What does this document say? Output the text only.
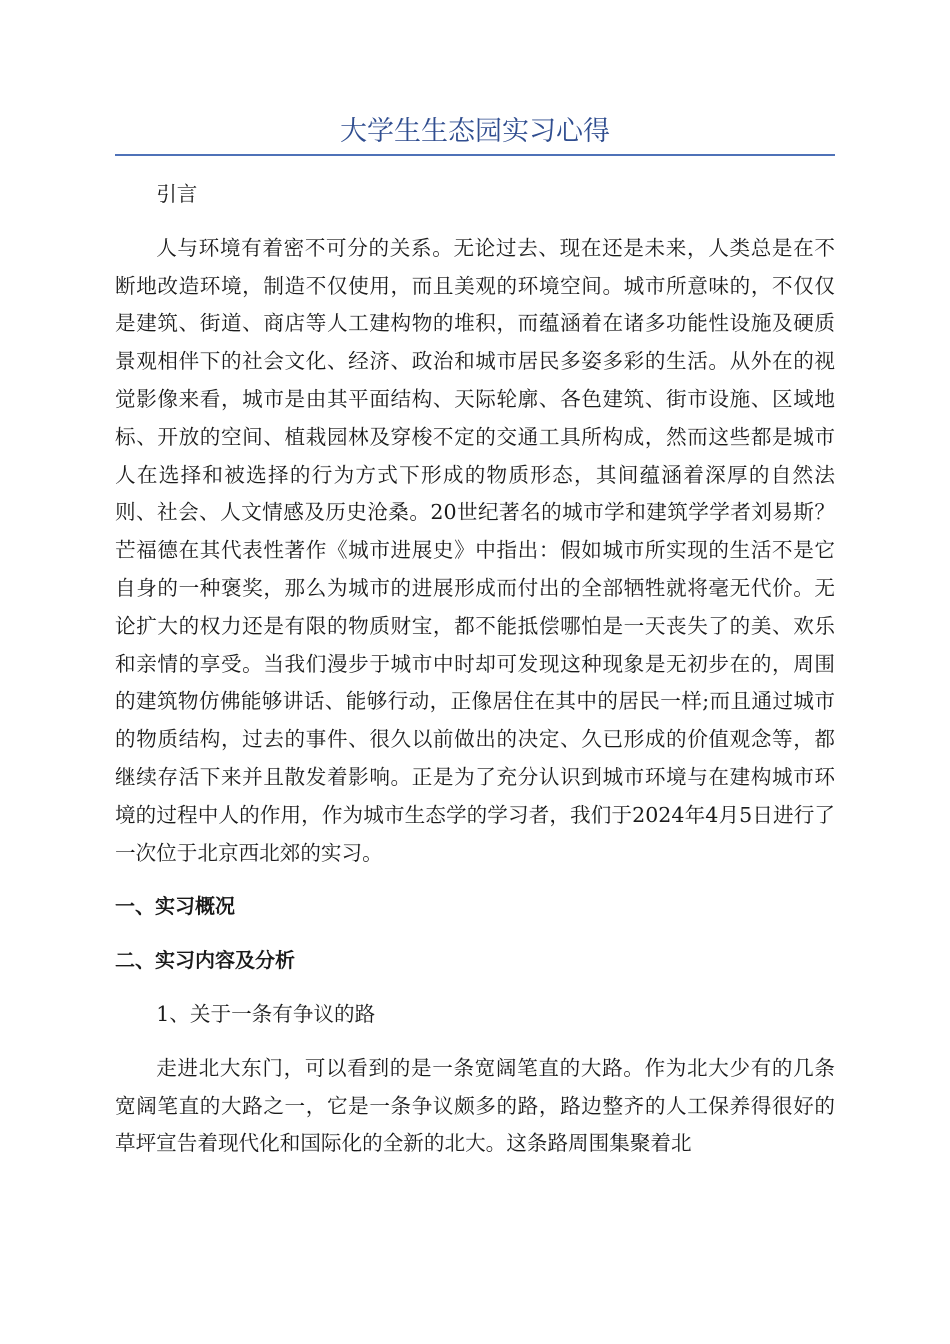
大学生生态园实习心得

引言

人与环境有着密不可分的关系。无论过去、现在还是未来，人类总是在不断地改造环境，制造不仅使用，而且美观的环境空间。城市所意味的，不仅仅是建筑、街道、商店等人工建构物的堆积，而蕴涵着在诸多功能性设施及硬质景观相伴下的社会文化、经济、政治和城市居民多姿多彩的生活。从外在的视觉影像来看，城市是由其平面结构、天际轮廓、各色建筑、街市设施、区域地标、开放的空间、植栽园林及穿梭不定的交通工具所构成，然而这些都是城市人在选择和被选择的行为方式下形成的物质形态，其间蕴涵着深厚的自然法则、社会、人文情感及历史沧桑。20世纪著名的城市学和建筑学学者刘易斯？芒福德在其代表性著作《城市进展史》中指出：假如城市所实现的生活不是它自身的一种褒奖，那么为城市的进展形成而付出的全部牺牲就将毫无代价。无论扩大的权力还是有限的物质财宝，都不能抵偿哪怕是一天丧失了的美、欢乐和亲情的享受。当我们漫步于城市中时却可发现这种现象是无初步在的，周围的建筑物仿佛能够讲话、能够行动，正像居住在其中的居民一样;而且通过城市的物质结构，过去的事件、很久以前做出的决定、久已形成的价值观念等，都继续存活下来并且散发着影响。正是为了充分认识到城市环境与在建构城市环境的过程中人的作用，作为城市生态学的学习者，我们于2024年4月5日进行了一次位于北京西北郊的实习。

一、实习概况

二、实习内容及分析

1、关于一条有争议的路

走进北大东门，可以看到的是一条宽阔笔直的大路。作为北大少有的几条宽阔笔直的大路之一，它是一条争议颇多的路，路边整齐的人工保养得很好的草坪宣告着现代化和国际化的全新的北大。这条路周围集聚着北
